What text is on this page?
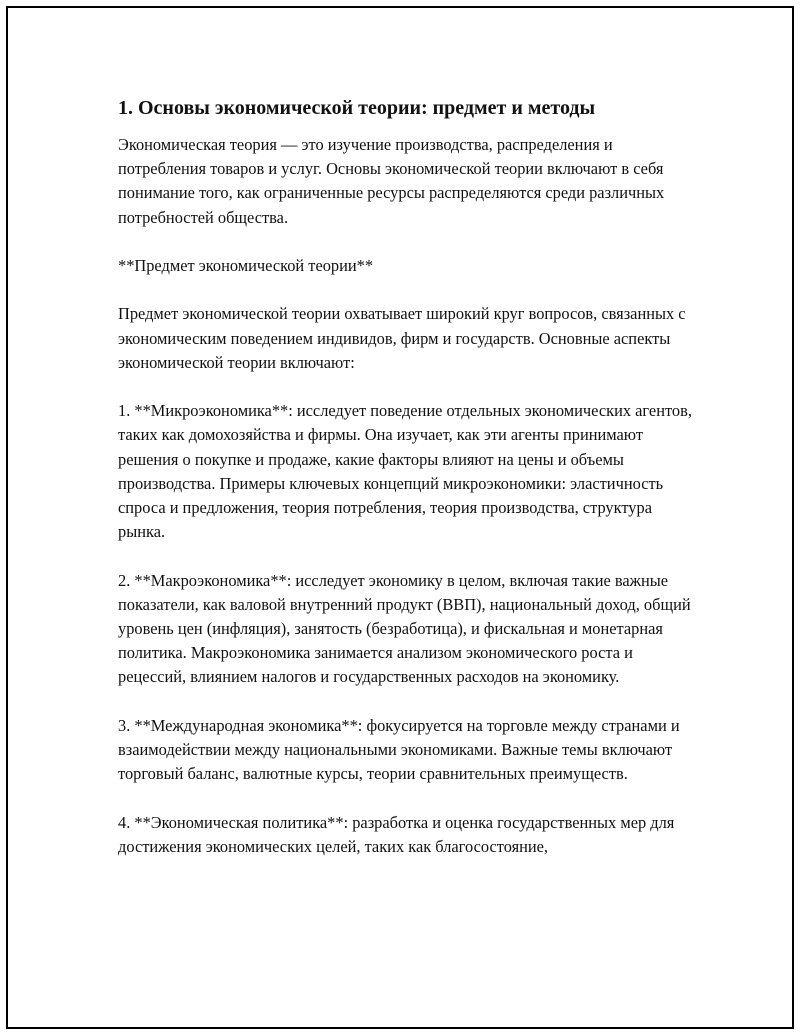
1. Основы экономической теории: предмет и методы

Экономическая теория — это изучение производства, распределения и потребления товаров и услуг. Основы экономической теории включают в себя понимание того, как ограниченные ресурсы распределяются среди различных потребностей общества.

**Предмет экономической теории**

Предмет экономической теории охватывает широкий круг вопросов, связанных с экономическим поведением индивидов, фирм и государств. Основные аспекты экономической теории включают:

1. **Микроэкономика**: исследует поведение отдельных экономических агентов, таких как домохозяйства и фирмы. Она изучает, как эти агенты принимают решения о покупке и продаже, какие факторы влияют на цены и объемы производства. Примеры ключевых концепций микроэкономики: эластичность спроса и предложения, теория потребления, теория производства, структура рынка.

2. **Макроэкономика**: исследует экономику в целом, включая такие важные показатели, как валовой внутренний продукт (ВВП), национальный доход, общий уровень цен (инфляция), занятость (безработица), и фискальная и монетарная политика. Макроэкономика занимается анализом экономического роста и рецессий, влиянием налогов и государственных расходов на экономику.

3. **Международная экономика**: фокусируется на торговле между странами и взаимодействии между национальными экономиками. Важные темы включают торговый баланс, валютные курсы, теории сравнительных преимуществ.

4. **Экономическая политика**: разработка и оценка государственных мер для достижения экономических целей, таких как благосостояние,
